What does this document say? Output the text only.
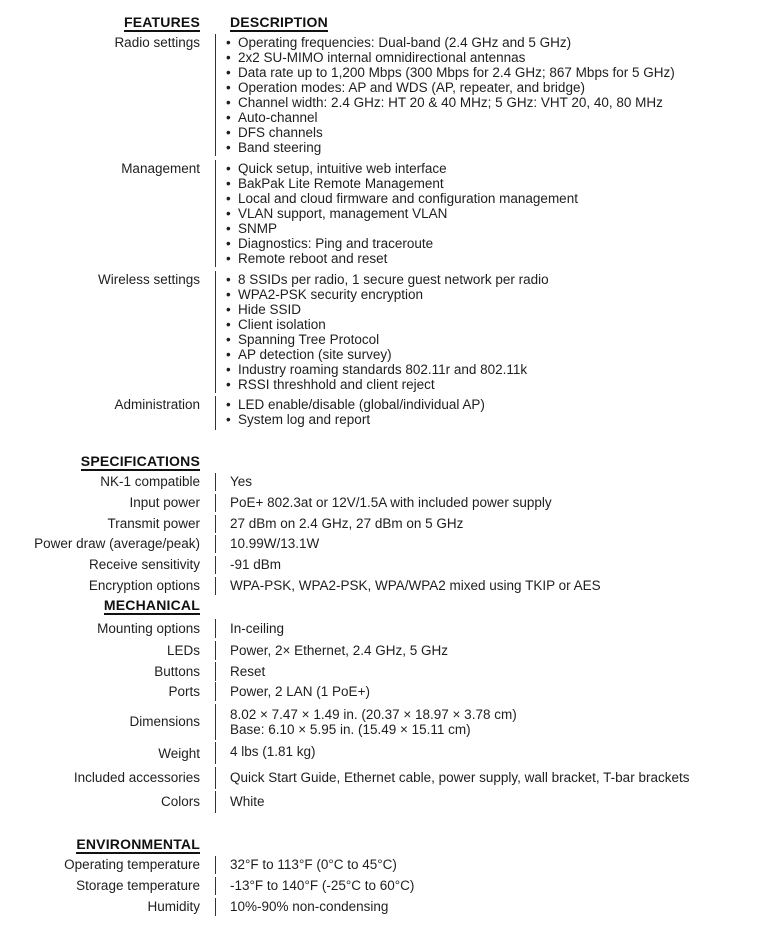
FEATURES DESCRIPTION
Radio settings • Operating frequencies: Dual-band (2.4 GHz and 5 GHz)
• 2x2 SU-MIMO internal omnidirectional antennas
• Data rate up to 1,200 Mbps (300 Mbps for 2.4 GHz; 867 Mbps for 5 GHz)
• Operation modes: AP and WDS (AP, repeater, and bridge)
• Channel width: 2.4 GHz: HT 20 & 40 MHz; 5 GHz: VHT 20, 40, 80 MHz
• Auto-channel
• DFS channels
• Band steering
Management • Quick setup, intuitive web interface
• BakPak Lite Remote Management
• Local and cloud firmware and configuration management
• VLAN support, management VLAN
• SNMP
• Diagnostics: Ping and traceroute
• Remote reboot and reset
Wireless settings • 8 SSIDs per radio, 1 secure guest network per radio
• WPA2-PSK security encryption
• Hide SSID
• Client isolation
• Spanning Tree Protocol
• AP detection (site survey)
• Industry roaming standards 802.11r and 802.11k
• RSSI threshhold and client reject
Administration • LED enable/disable (global/individual AP)
• System log and report
SPECIFICATIONS
NK-1 compatible Yes
Input power PoE+ 802.3at or 12V/1.5A with included power supply
Transmit power 27 dBm on 2.4 GHz, 27 dBm on 5 GHz
Power draw (average/peak) 10.99W/13.1W
Receive sensitivity -91 dBm
Encryption options WPA-PSK, WPA2-PSK, WPA/WPA2 mixed using TKIP or AES
MECHANICAL
Mounting options In-ceiling
LEDs Power, 2× Ethernet, 2.4 GHz, 5 GHz
Buttons Reset
Ports Power, 2 LAN (1 PoE+)
Dimensions 8.02 × 7.47 × 1.49 in. (20.37 × 18.97 × 3.78 cm)
Base: 6.10 × 5.95 in. (15.49 × 15.11 cm)
Weight 4 lbs (1.81 kg)
Included accessories Quick Start Guide, Ethernet cable, power supply, wall bracket, T-bar brackets
Colors White
ENVIRONMENTAL
Operating temperature 32°F to 113°F (0°C to 45°C)
Storage temperature -13°F to 140°F (-25°C to 60°C)
Humidity 10%-90% non-condensing
